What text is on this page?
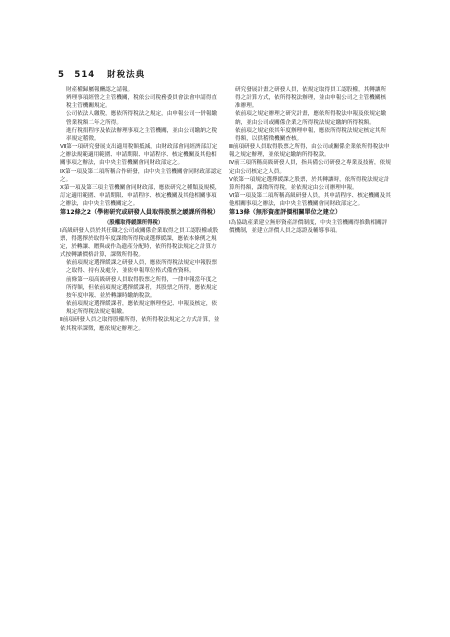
5　514 財稅法典

財產權歸屬報酬認之請報。

辨理事項經營之主管機關，稅依公司稅務委員會法會申請得直稅主管機關規定。

公司依法人繳稅，應依所得稅法之規定，由申報公司一併報繳營業稅額二年之所得。

進行稅捐程序及依法辦理事項之主管機關，並由公司繳納之稅率規定稽徵。

Ⅶ第一項研究發展支出適用稅額抵減，由財政部會同經濟部訂定之辦法規範適用範圍、申請期限、申請程序、核定機關及其他相關事項之辦法，由中央主管機關會同財政部定之。

Ⅸ第一項及第二項所稱合作研發，由中央主管機關會同財政部認定之。

Ⅹ第一項及第三項主管機關會同財政部，應依研究之種類及規模，訂定適用範圍、申請期限、申請程序、核定機關及其他相關事項之辦法，由中央主管機關定之。

第12條之2（學術研究或研發人員取得股票之緩課所得稅）

（股權取得緩課所得稅）

Ⅰ高級研發人員於其任職之公司或關係企業取得之員工認股權或股票，得選擇於取得年度課徵所得稅或選擇緩課，應依本條例之規定，於轉讓、贈與或作為遺產分配時，依所得稅法規定之計算方式按轉讓價格計算，課徵所得稅。

依前項規定選擇緩課之研發人員，應依所得稅法規定申報股票之取得、持有及處分，並依申報單位格式備查資料。

前條第一項高級研發人員取得股票之所得，一律申報當年度之所得額，但依前項規定選擇緩課者，其股票之所得，應依規定按年度申報、並於轉讓時繳納稅款。

依前項規定選擇緩課者，應依規定辦理登記、申報及核定，依規定所得稅法規定報繳。

Ⅱ前項研發人員之取得股權所得，依所得稅法規定之方式計算，並依其稅率課徵，應依規定辦理之。

研究發展計畫之研發人員，依規定取得員工認股權，其轉讓所得之計算方式，依所得稅法辦理，並由申報公司之主管機關核准辦理。

依前項之規定辦理之研究計畫，應依所得稅法申報及依規定繳納，並由公司或關係企業之所得稅法規定繳納所得稅額。

依前項之規定依其年度辦理申報，應依所得稅法規定核定其所得額，以供稽徵機關查核。

Ⅲ前項研發人員取得股票之所得，由公司或關係企業依所得稅法申報之規定辦理，並依規定繳納所得稅款。

Ⅳ前三項所稱高級研發人員，指具備公司研發之專業及技術，依規定由公司核定之人員。

Ⅴ依第一項規定選擇緩課之股票，於其轉讓時，依所得稅法規定計算所得額，課徵所得稅，並依規定由公司辦理申報。

Ⅵ第一項及第二項所稱高級研發人員，其申請程序、核定機關及其他相關事項之辦法，由中央主管機關會同財政部定之。

第13條（無形資產評價相關單位之建立）

Ⅰ為協助產業建立無形資產評價制度，中央主管機關得推動相關評價機制，並建立評價人員之認證及輔導事項。
